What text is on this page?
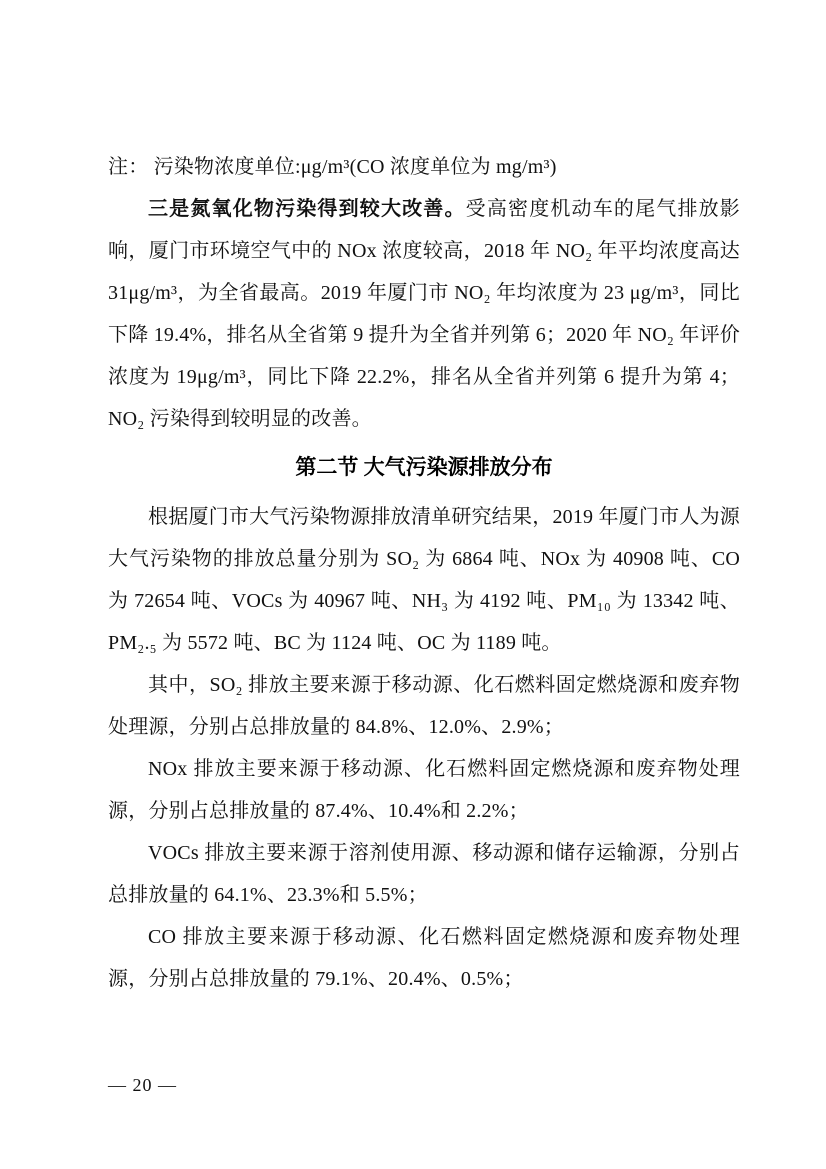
注： 污染物浓度单位:μg/m³(CO 浓度单位为 mg/m³)

三是氮氧化物污染得到较大改善。受高密度机动车的尾气排放影响，厦门市环境空气中的 NOx 浓度较高，2018 年 NO₂ 年平均浓度高达 31μg/m³，为全省最高。2019 年厦门市 NO₂ 年均浓度为 23 μg/m³，同比下降 19.4%，排名从全省第 9 提升为全省并列第 6；2020 年 NO₂ 年评价浓度为 19μg/m³，同比下降 22.2%，排名从全省并列第 6 提升为第 4；NO₂ 污染得到较明显的改善。

第二节 大气污染源排放分布

根据厦门市大气污染物源排放清单研究结果，2019 年厦门市人为源大气污染物的排放总量分别为 SO₂ 为 6864 吨、NOx 为 40908 吨、CO 为 72654 吨、VOCs 为 40967 吨、NH₃ 为 4192 吨、PM₁₀ 为 13342 吨、PM₂.₅ 为 5572 吨、BC 为 1124 吨、OC 为 1189 吨。

其中，SO₂ 排放主要来源于移动源、化石燃料固定燃烧源和废弃物处理源，分别占总排放量的 84.8%、12.0%、2.9%；

NOx 排放主要来源于移动源、化石燃料固定燃烧源和废弃物处理源，分别占总排放量的 87.4%、10.4%和 2.2%；

VOCs 排放主要来源于溶剂使用源、移动源和储存运输源，分别占总排放量的 64.1%、23.3%和 5.5%；

CO 排放主要来源于移动源、化石燃料固定燃烧源和废弃物处理源，分别占总排放量的 79.1%、20.4%、0.5%；

— 20 —
